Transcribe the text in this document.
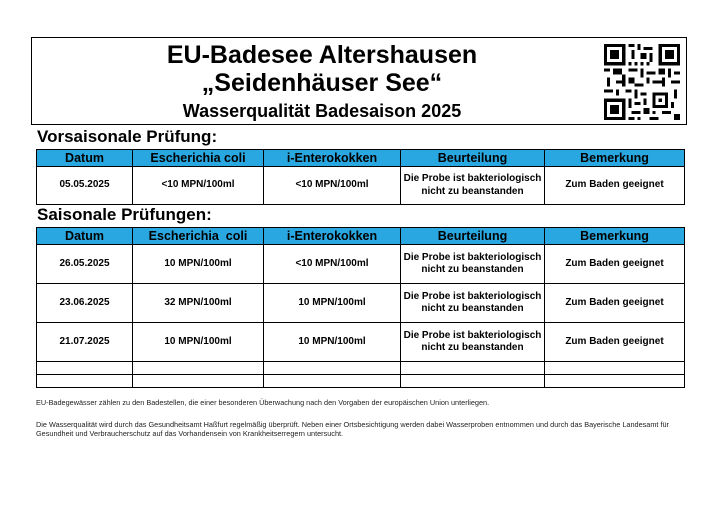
EU-Badesee Altershausen
„Seidenhäuser See“
Wasserqualität Badesaison 2025
Vorsaisonale Prüfung:
Datum	Escherichia coli	i-Enterokokken	Beurteilung	Bemerkung
05.05.2025	<10 MPN/100ml	<10 MPN/100ml	Die Probe ist bakteriologisch nicht zu beanstanden	Zum Baden geeignet
Saisonale Prüfungen:
Datum	Escherichia  coli	i-Enterokokken	Beurteilung	Bemerkung
26.05.2025	10 MPN/100ml	<10 MPN/100ml	Die Probe ist bakteriologisch nicht zu beanstanden	Zum Baden geeignet
23.06.2025	32 MPN/100ml	10 MPN/100ml	Die Probe ist bakteriologisch nicht zu beanstanden	Zum Baden geeignet
21.07.2025	10 MPN/100ml	10 MPN/100ml	Die Probe ist bakteriologisch nicht zu beanstanden	Zum Baden geeignet

EU-Badegewässer zählen zu den Badestellen, die einer besonderen Überwachung nach den Vorgaben der europäischen Union unterliegen.
Die Wasserqualität wird durch das Gesundheitsamt Haßfurt regelmäßig überprüft. Neben einer Ortsbesichtigung werden dabei Wasserproben entnommen und durch das Bayerische Landesamt für Gesundheit und Verbraucherschutz auf das Vorhandensein von Krankheitserregern untersucht.
